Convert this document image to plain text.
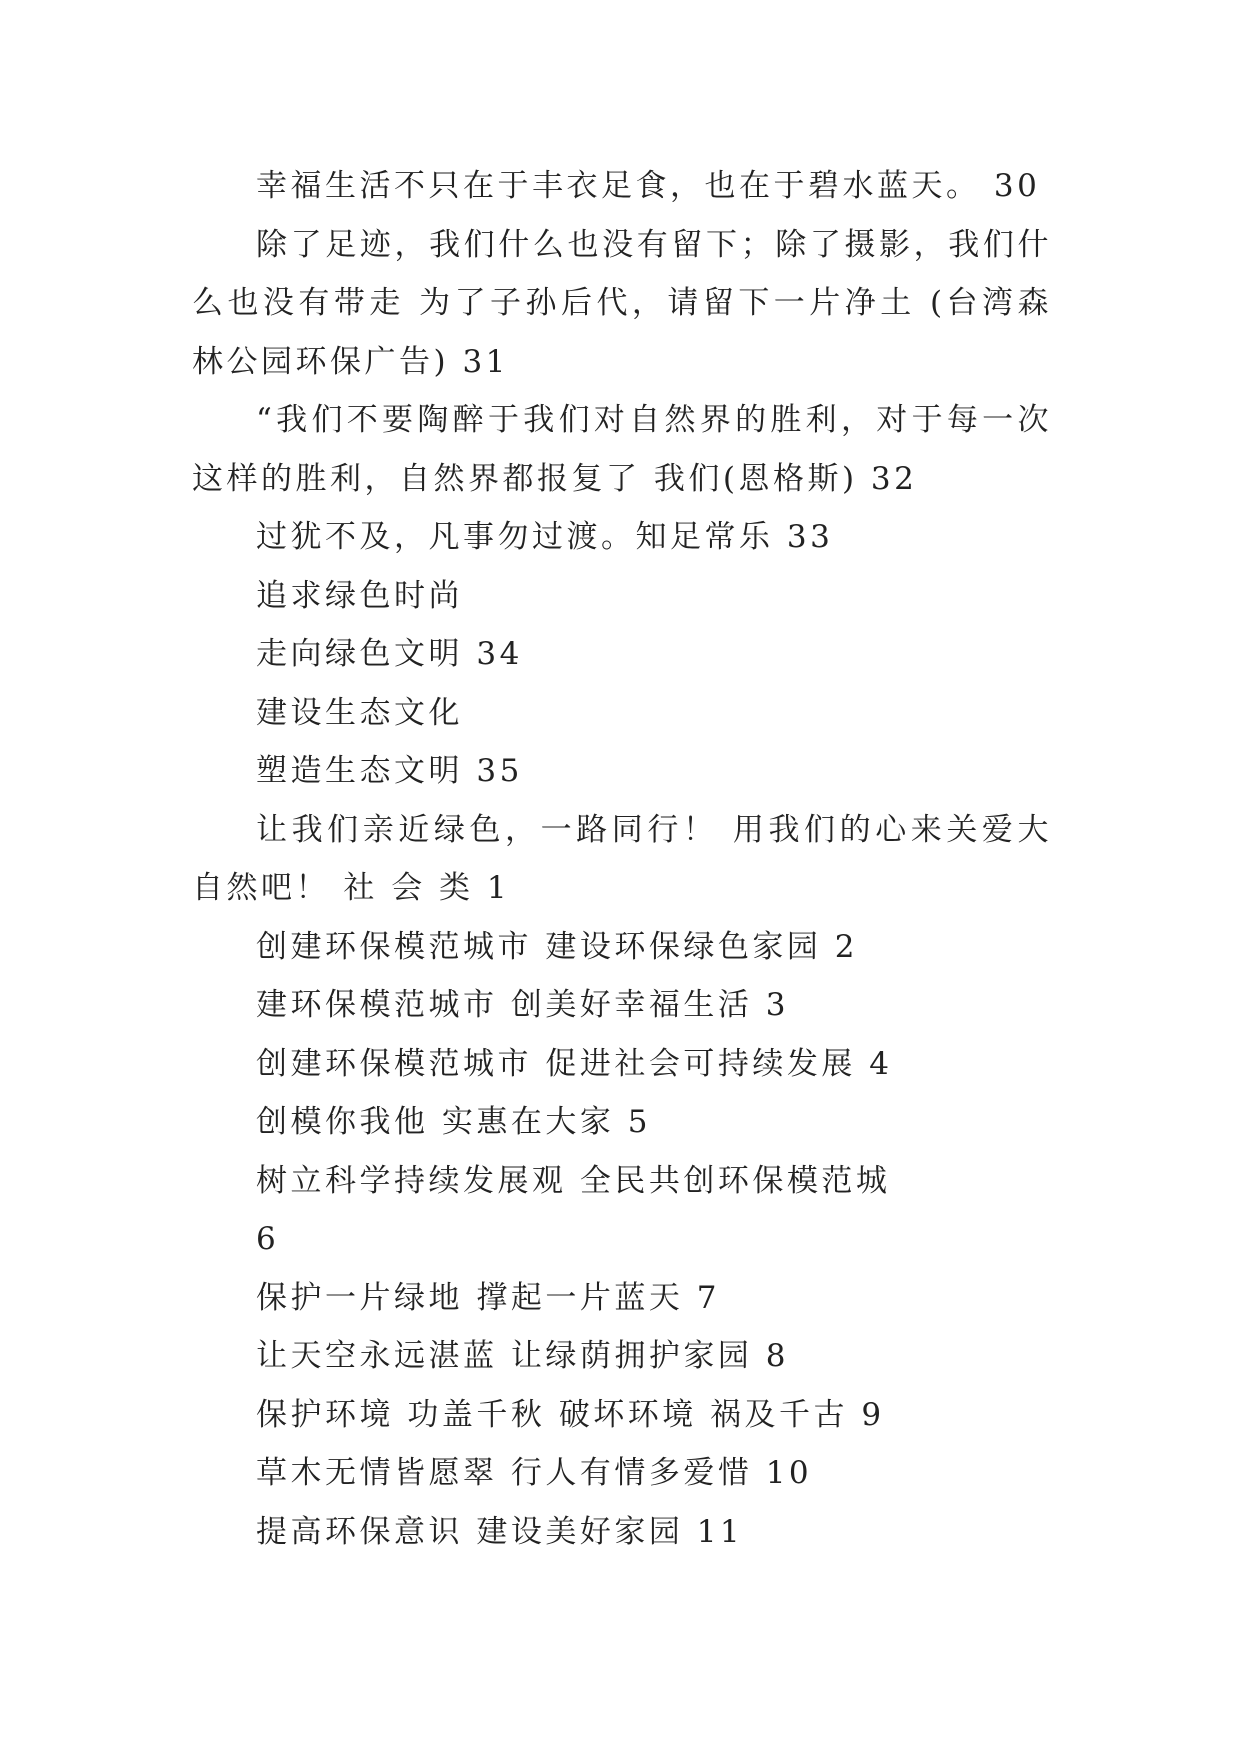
幸福生活不只在于丰衣足食，也在于碧水蓝天。 30

除了足迹，我们什么也没有留下；除了摄影，我们什么也没有带走 为了子孙后代，请留下一片净土 (台湾森林公园环保广告) 31

“我们不要陶醉于我们对自然界的胜利，对于每一次这样的胜利，自然界都报复了 我们(恩格斯) 32

过犹不及，凡事勿过渡。知足常乐 33

追求绿色时尚

走向绿色文明 34

建设生态文化

塑造生态文明 35

让我们亲近绿色，一路同行！ 用我们的心来关爱大自然吧！ 社 会 类 1

创建环保模范城市 建设环保绿色家园 2

建环保模范城市 创美好幸福生活 3

创建环保模范城市 促进社会可持续发展 4

创模你我他 实惠在大家 5

树立科学持续发展观 全民共创环保模范城

6

保护一片绿地 撑起一片蓝天 7

让天空永远湛蓝 让绿荫拥护家园 8

保护环境 功盖千秋 破坏环境 祸及千古 9

草木无情皆愿翠 行人有情多爱惜 10

提高环保意识 建设美好家园 11
